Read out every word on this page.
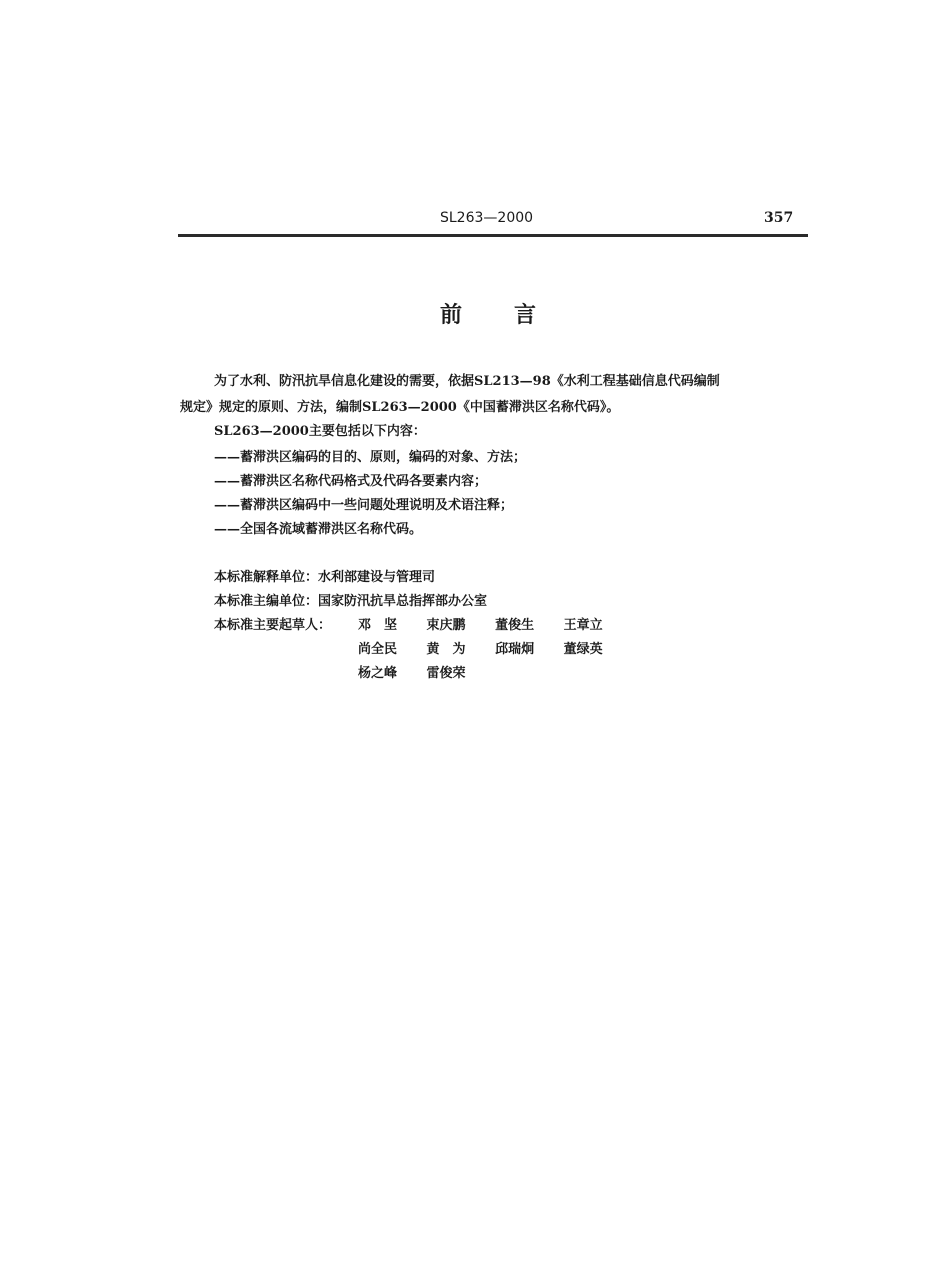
SL263—2000	357
前言
为了水利、防汛抗旱信息化建设的需要，依据SL213—98《水利工程基础信息代码编制
规定》规定的原则、方法，编制SL263—2000《中国蓄滞洪区名称代码》。
SL263—2000主要包括以下内容：
——蓄滞洪区编码的目的、原则，编码的对象、方法；
——蓄滞洪区名称代码格式及代码各要素内容；
——蓄滞洪区编码中一些问题处理说明及术语注释；
——全国各流域蓄滞洪区名称代码。
本标准解释单位：水利部建设与管理司
本标准主编单位：国家防汛抗旱总指挥部办公室
本标准主要起草人： 邓　坚 束庆鹏 董俊生 王章立
尚全民 黄　为 邱瑞炯 董绿英
杨之峰 雷俊荣
